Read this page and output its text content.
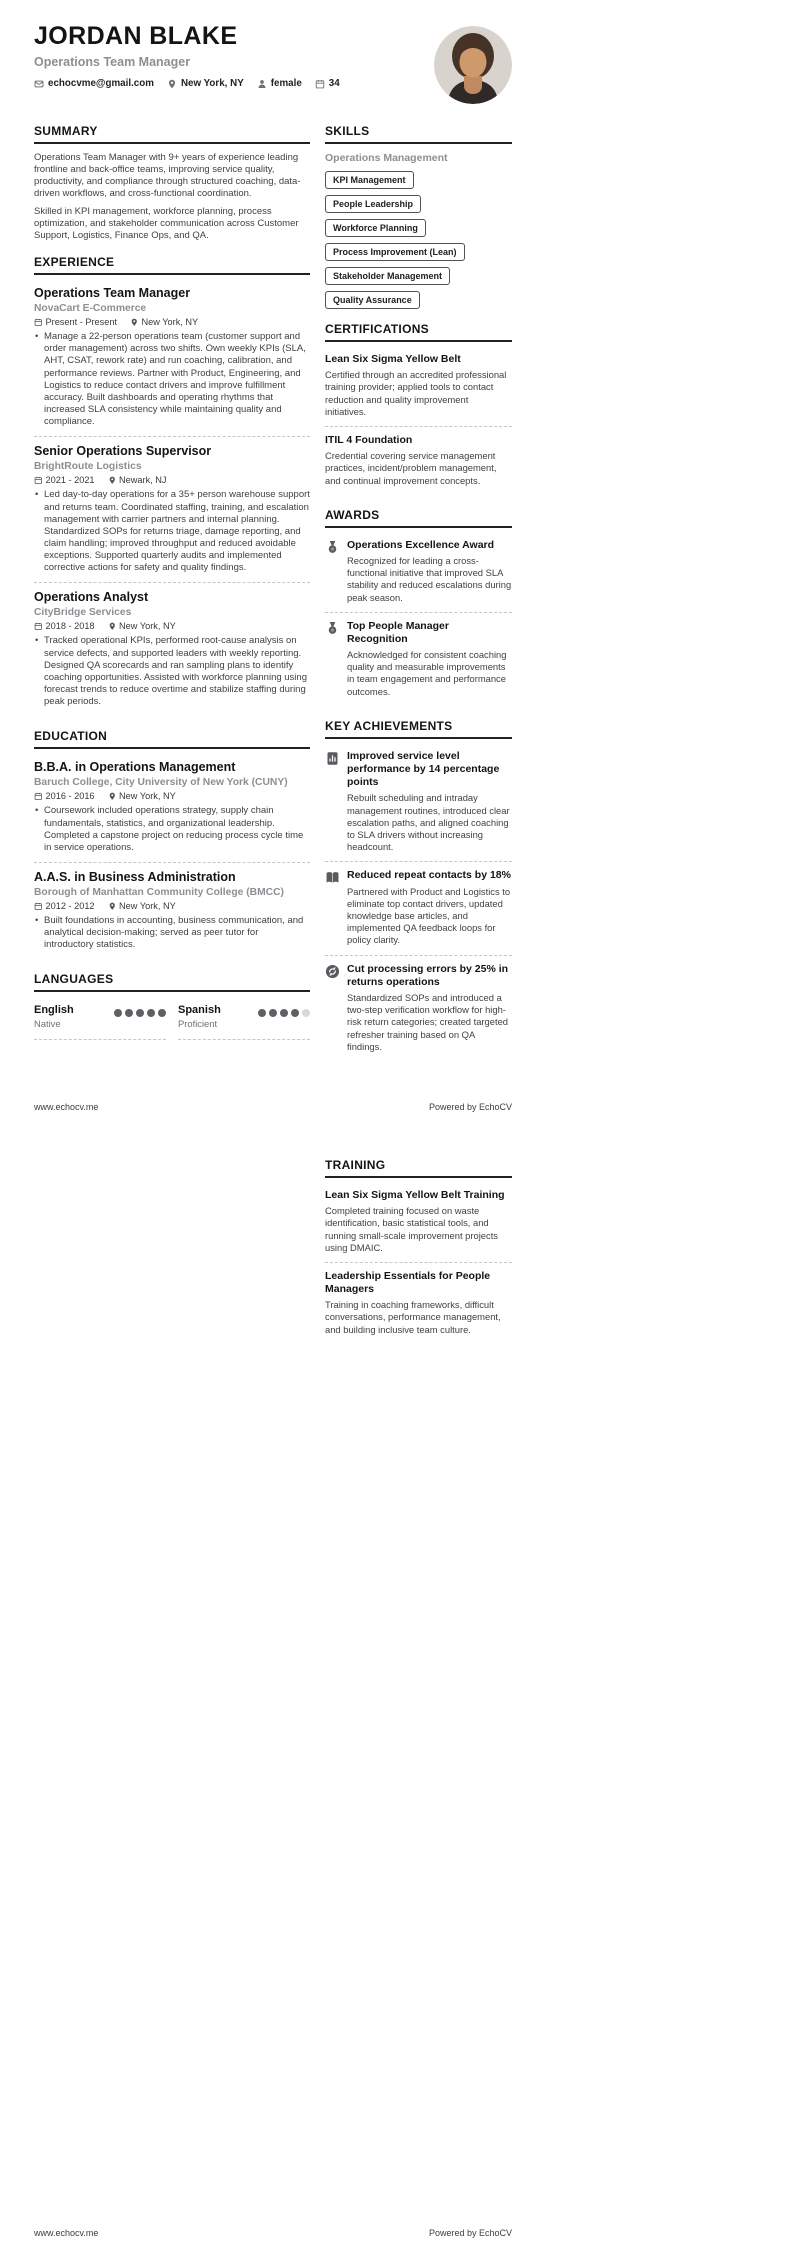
JORDAN BLAKE
Operations Team Manager
echocvme@gmail.com	New York, NY	female	34
SUMMARY

Operations Team Manager with 9+ years of experience leading frontline and back-office teams, improving service quality, productivity, and compliance through structured coaching, data-driven workflows, and cross-functional coordination.

Skilled in KPI management, workforce planning, process optimization, and stakeholder communication across Customer Support, Logistics, Finance Ops, and QA.

EXPERIENCE
Operations Team Manager
NovaCart E-Commerce
Present - Present	New York, NY
• Manage a 22-person operations team (customer support and order management) across two shifts. Own weekly KPIs (SLA, AHT, CSAT, rework rate) and run coaching, calibration, and performance reviews. Partner with Product, Engineering, and Logistics to reduce contact drivers and improve fulfillment accuracy. Built dashboards and operating rhythms that increased SLA consistency while maintaining quality and compliance.
Senior Operations Supervisor
BrightRoute Logistics
2021 - 2021	Newark, NJ
• Led day-to-day operations for a 35+ person warehouse support and returns team. Coordinated staffing, training, and escalation management with carrier partners and internal planning. Standardized SOPs for returns triage, damage reporting, and claim handling; improved throughput and reduced avoidable exceptions. Supported quarterly audits and implemented corrective actions for safety and quality findings.
Operations Analyst
CityBridge Services
2018 - 2018	New York, NY
• Tracked operational KPIs, performed root-cause analysis on service defects, and supported leaders with weekly reporting. Designed QA scorecards and ran sampling plans to identify coaching opportunities. Assisted with workforce planning using forecast trends to reduce overtime and stabilize staffing during peak periods.
EDUCATION
B.B.A. in Operations Management
Baruch College, City University of New York (CUNY)
2016 - 2016	New York, NY
• Coursework included operations strategy, supply chain fundamentals, statistics, and organizational leadership. Completed a capstone project on reducing process cycle time in service operations.
A.A.S. in Business Administration
Borough of Manhattan Community College (BMCC)
2012 - 2012	New York, NY
• Built foundations in accounting, business communication, and analytical decision-making; served as peer tutor for introductory statistics.
LANGUAGES
English
Native
Spanish
Proficient
SKILLS
Operations Management
KPI Management
People Leadership
Workforce Planning
Process Improvement (Lean)
Stakeholder Management
Quality Assurance
CERTIFICATIONS
Lean Six Sigma Yellow Belt

Certified through an accredited professional training provider; applied tools to contact reduction and quality improvement initiatives.

ITIL 4 Foundation

Credential covering service management practices, incident/problem management, and continual improvement concepts.

AWARDS
Operations Excellence Award

Recognized for leading a cross-functional initiative that improved SLA stability and reduced escalations during peak season.

Top People Manager Recognition

Acknowledged for consistent coaching quality and measurable improvements in team engagement and performance outcomes.

KEY ACHIEVEMENTS
Improved service level performance by 14 percentage points

Rebuilt scheduling and intraday management routines, introduced clear escalation paths, and aligned coaching to SLA drivers without increasing headcount.

Reduced repeat contacts by 18%

Partnered with Product and Logistics to eliminate top contact drivers, updated knowledge base articles, and implemented QA feedback loops for policy clarity.

Cut processing errors by 25% in returns operations

Standardized SOPs and introduced a two-step verification workflow for high-risk return categories; created targeted refresher training based on QA findings.

www.echocv.me	Powered by EchoCV
TRAINING
Lean Six Sigma Yellow Belt Training

Completed training focused on waste identification, basic statistical tools, and running small-scale improvement projects using DMAIC.

Leadership Essentials for People Managers

Training in coaching frameworks, difficult conversations, performance management, and building inclusive team culture.

www.echocv.me	Powered by EchoCV
